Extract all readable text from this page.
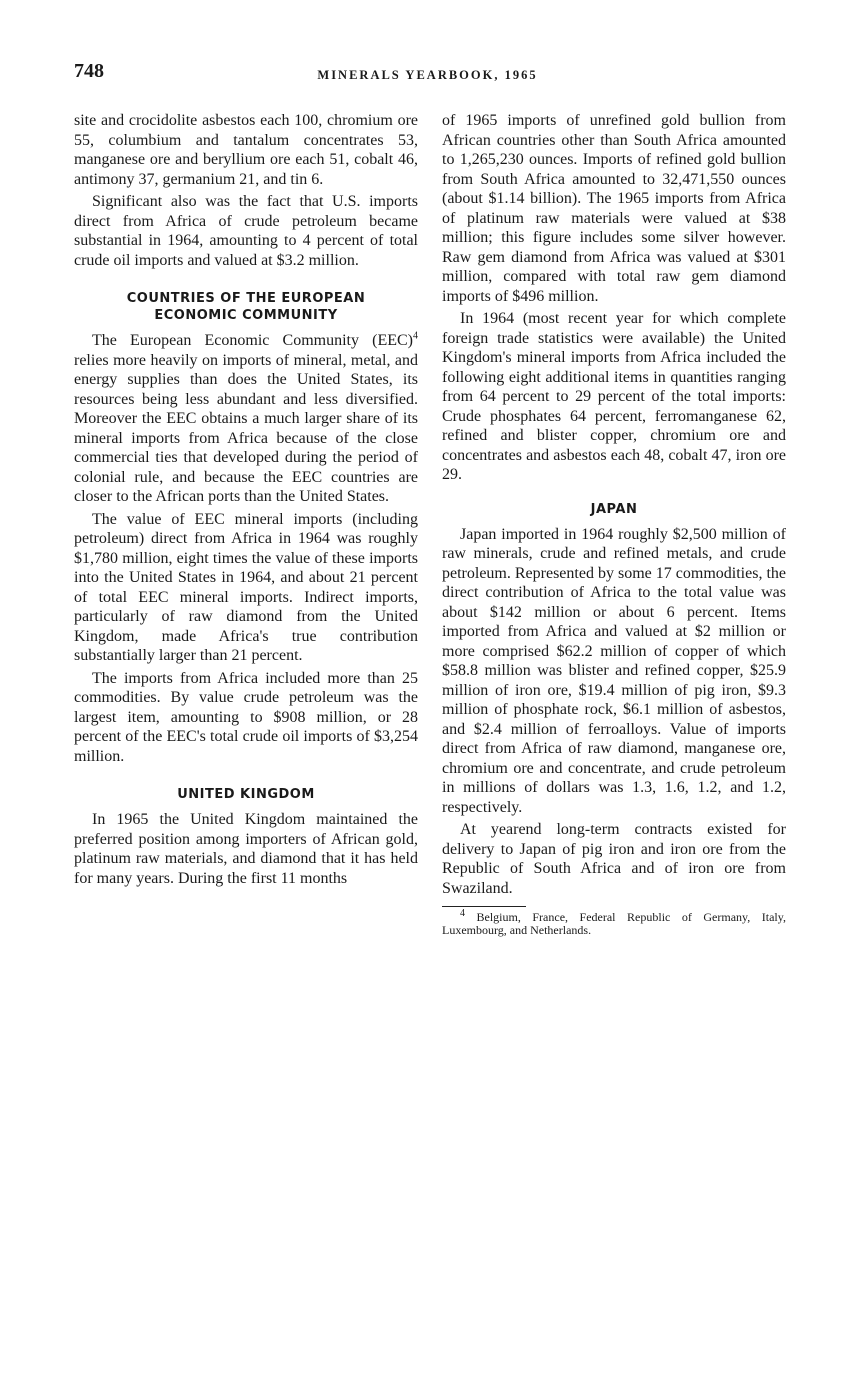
748	MINERALS YEARBOOK, 1965

site and crocidolite asbestos each 100, chromium ore 55, columbium and tantalum concentrates 53, manganese ore and beryllium ore each 51, cobalt 46, antimony 37, germanium 21, and tin 6.

Significant also was the fact that U.S. imports direct from Africa of crude petroleum became substantial in 1964, amounting to 4 percent of total crude oil imports and valued at $3.2 million.

COUNTRIES OF THE EUROPEAN
ECONOMIC COMMUNITY

The European Economic Community (EEC)$^4$ relies more heavily on imports of mineral, metal, and energy supplies than does the United States, its resources being less abundant and less diversified. Moreover the EEC obtains a much larger share of its mineral imports from Africa because of the close commercial ties that developed during the period of colonial rule, and because the EEC countries are closer to the African ports than the United States.

The value of EEC mineral imports (including petroleum) direct from Africa in 1964 was roughly $1,780 million, eight times the value of these imports into the United States in 1964, and about 21 percent of total EEC mineral imports. Indirect imports, particularly of raw diamond from the United Kingdom, made Africa's true contribution substantially larger than 21 percent.

The imports from Africa included more than 25 commodities. By value crude petroleum was the largest item, amounting to $908 million, or 28 percent of the EEC's total crude oil imports of $3,254 million.

UNITED KINGDOM

In 1965 the United Kingdom maintained the preferred position among importers of African gold, platinum raw materials, and diamond that it has held for many years. During the first 11 months

of 1965 imports of unrefined gold bullion from African countries other than South Africa amounted to 1,265,230 ounces. Imports of refined gold bullion from South Africa amounted to 32,471,550 ounces (about $1.14 billion). The 1965 imports from Africa of platinum raw materials were valued at $38 million; this figure includes some silver however. Raw gem diamond from Africa was valued at $301 million, compared with total raw gem diamond imports of $496 million.

In 1964 (most recent year for which complete foreign trade statistics were available) the United Kingdom's mineral imports from Africa included the following eight additional items in quantities ranging from 64 percent to 29 percent of the total imports: Crude phosphates 64 percent, ferromanganese 62, refined and blister copper, chromium ore and concentrates and asbestos each 48, cobalt 47, iron ore 29.

JAPAN

Japan imported in 1964 roughly $2,500 million of raw minerals, crude and refined metals, and crude petroleum. Represented by some 17 commodities, the direct contribution of Africa to the total value was about $142 million or about 6 percent. Items imported from Africa and valued at $2 million or more comprised $62.2 million of copper of which $58.8 million was blister and refined copper, $25.9 million of iron ore, $19.4 million of pig iron, $9.3 million of phosphate rock, $6.1 million of asbestos, and $2.4 million of ferroalloys. Value of imports direct from Africa of raw diamond, manganese ore, chromium ore and concentrate, and crude petroleum in millions of dollars was 1.3, 1.6, 1.2, and 1.2, respectively.

At yearend long-term contracts existed for delivery to Japan of pig iron and iron ore from the Republic of South Africa and of iron ore from Swaziland.

$^4$ Belgium, France, Federal Republic of Germany, Italy, Luxembourg, and Netherlands.
